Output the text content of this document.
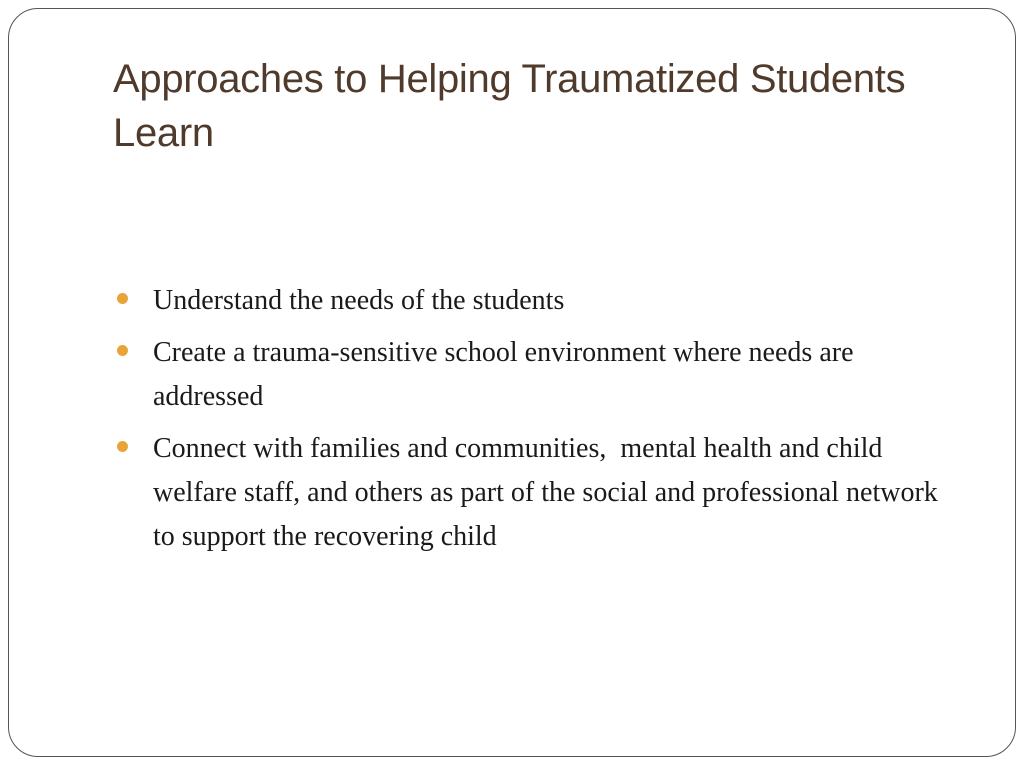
Approaches to Helping Traumatized Students Learn
Understand the needs of the students
Create a trauma-sensitive school environment where needs are addressed
Connect with families and communities,  mental health and child welfare staff, and others as part of the social and professional network to support the recovering child
